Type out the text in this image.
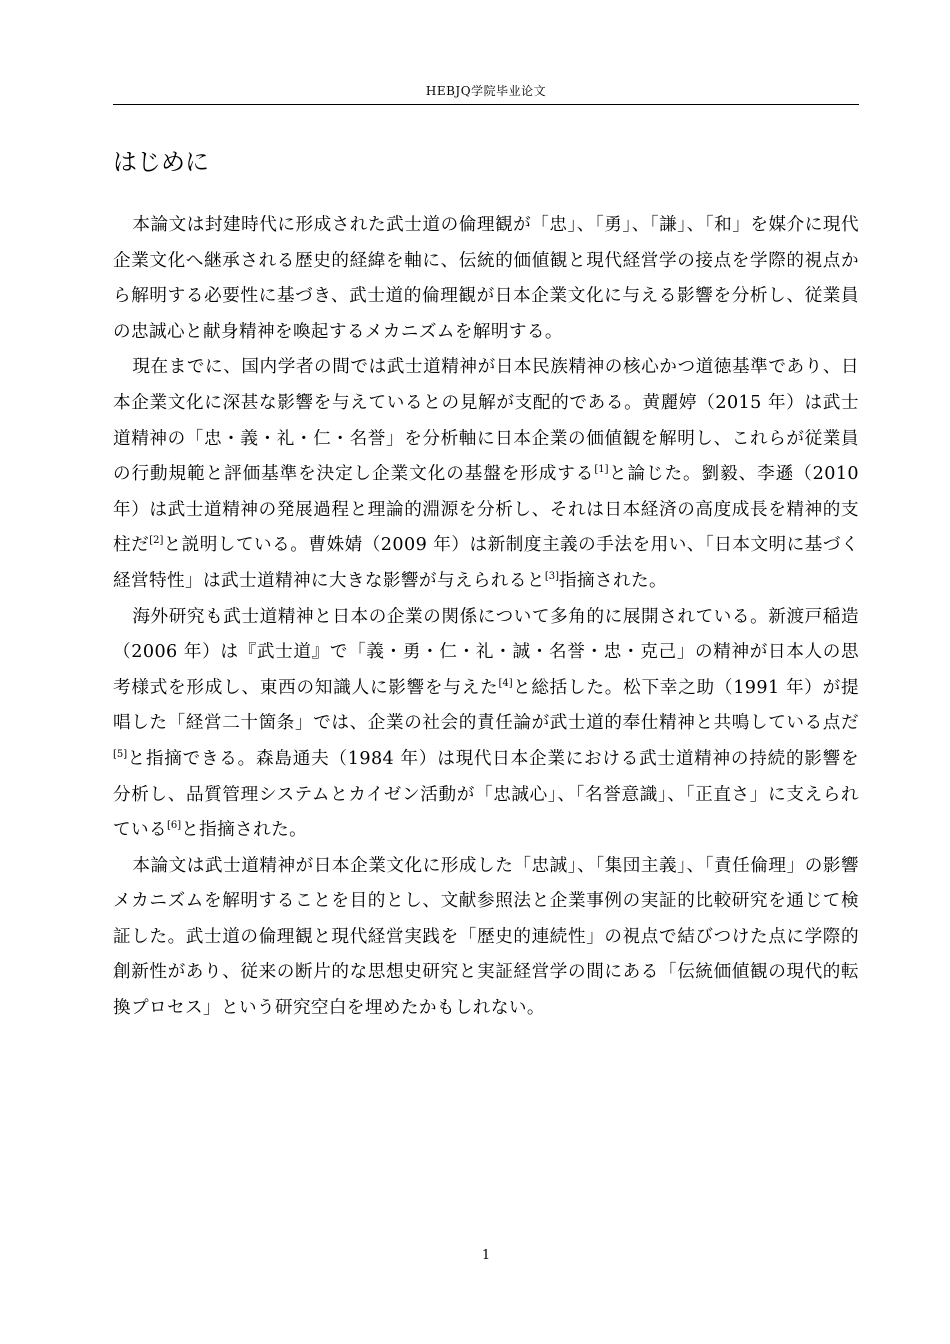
HEBJQ学院毕业论文
はじめに

本論文は封建時代に形成された武士道の倫理観が「忠」、「勇」、「謙」、「和」を媒介に現代企業文化へ継承される歴史的経緯を軸に、伝統的価値観と現代経営学の接点を学際的視点から解明する必要性に基づき、武士道的倫理観が日本企業文化に与える影響を分析し、従業員の忠誠心と献身精神を喚起するメカニズムを解明する。

現在までに、国内学者の間では武士道精神が日本民族精神の核心かつ道徳基準であり、日本企業文化に深甚な影響を与えているとの見解が支配的である。黄麗婷（2015 年）は武士道精神の「忠・義・礼・仁・名誉」を分析軸に日本企業の価値観を解明し、これらが従業員の行動規範と評価基準を決定し企業文化の基盤を形成する[1]と論じた。劉毅、李遜（2010 年）は武士道精神の発展過程と理論的淵源を分析し、それは日本経済の高度成長を精神的支柱だ[2]と説明している。曹姝婧（2009 年）は新制度主義の手法を用い、「日本文明に基づく経営特性」は武士道精神に大きな影響が与えられると[3]指摘された。

海外研究も武士道精神と日本の企業の関係について多角的に展開されている。新渡戸稲造（2006 年）は『武士道』で「義・勇・仁・礼・誠・名誉・忠・克己」の精神が日本人の思考様式を形成し、東西の知識人に影響を与えた[4]と総括した。松下幸之助（1991 年）が提唱した「経営二十箇条」では、企業の社会的責任論が武士道的奉仕精神と共鳴している点だ[5]と指摘できる。森島通夫（1984 年）は現代日本企業における武士道精神の持続的影響を分析し、品質管理システムとカイゼン活動が「忠誠心」、「名誉意識」、「正直さ」に支えられている[6]と指摘された。

本論文は武士道精神が日本企業文化に形成した「忠誠」、「集団主義」、「責任倫理」の影響メカニズムを解明することを目的とし、文献参照法と企業事例の実証的比較研究を通じて検証した。武士道の倫理観と現代経営実践を「歴史的連続性」の視点で結びつけた点に学際的創新性があり、従来の断片的な思想史研究と実証経営学の間にある「伝統価値観の現代的転換プロセス」という研究空白を埋めたかもしれない。

1
